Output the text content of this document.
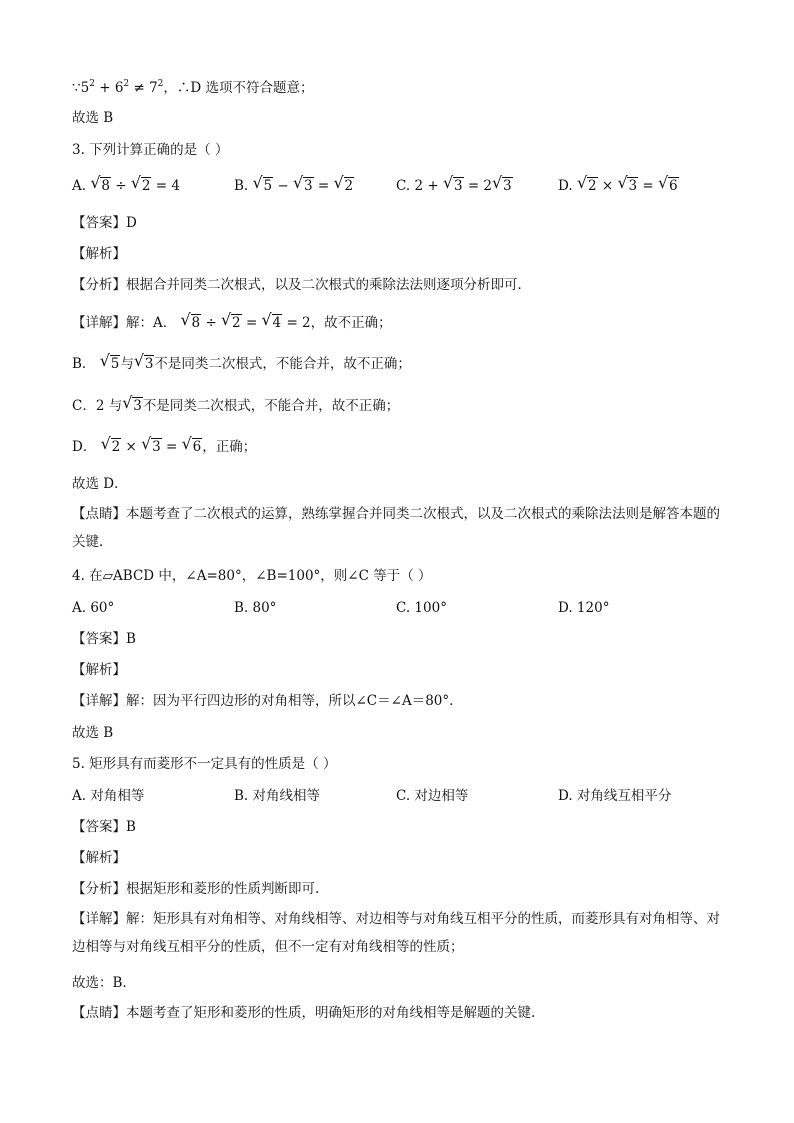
$\because 5^2 + 6^2 \ne 7^2$，∴D 选项不符合题意；
故选 B
3. 下列计算正确的是（ ）
A. √ 8 ÷ √ 2 = 4	B. √ 5 − √ 3 = √ 2	C. 2 + √ 3 = 2 √ 3	D. √ 2 × √ 3 = √ 6
【答案】D
【解析】
【分析】根据合并同类二次根式，以及二次根式的乘除法法则逐项分析即可．
【详解】解：A． √ 8 ÷ √ 2 = √ 4 = 2，故不正确；
B． √ 5与 √ 3不是同类二次根式，不能合并，故不正确；
C．2 与 √ 3不是同类二次根式，不能合并，故不正确；
D． √ 2 × √ 3 = √ 6，正确；
故选 D．
【点睛】本题考查了二次根式的运算，熟练掌握合并同类二次根式，以及二次根式的乘除法法则是解答本题的关键．
4. 在▱ABCD 中，∠A=80°，∠B=100°，则∠C 等于（ ）
A. 60°	B. 80°	C. 100°	D. 120°
【答案】B
【解析】
【详解】解：因为平行四边形的对角相等，所以∠C＝∠A＝80°．
故选 B
5. 矩形具有而菱形不一定具有的性质是（ ）
A. 对角相等	B. 对角线相等	C. 对边相等	D. 对角线互相平分
【答案】B
【解析】
【分析】根据矩形和菱形的性质判断即可.
【详解】解：矩形具有对角相等、对角线相等、对边相等与对角线互相平分的性质，而菱形具有对角相等、对边相等与对角线互相平分的性质，但不一定有对角线相等的性质；
故选：B.
【点睛】本题考查了矩形和菱形的性质，明确矩形的对角线相等是解题的关键.
